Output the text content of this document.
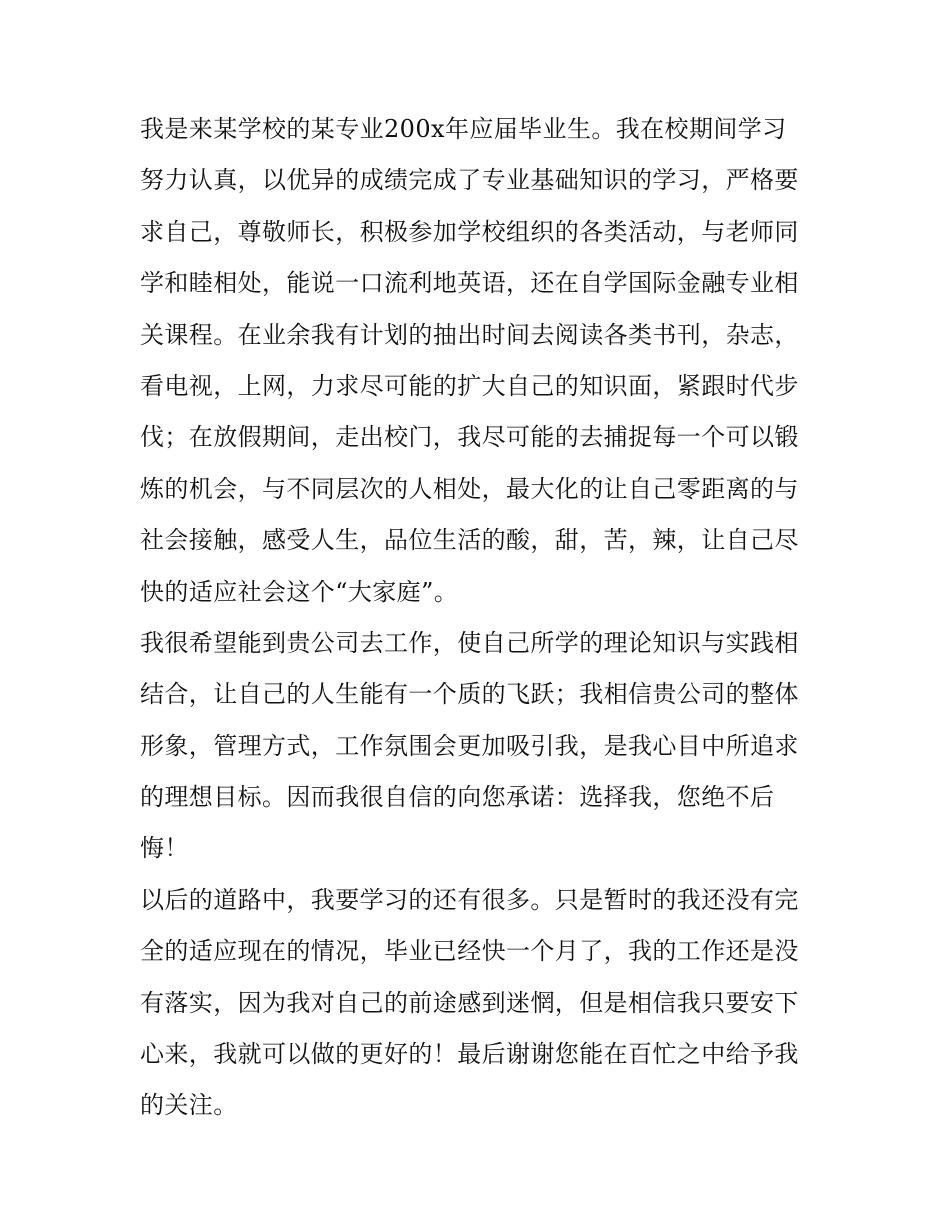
我是来某学校的某专业200x年应届毕业生。我在校期间学习
努力认真，以优异的成绩完成了专业基础知识的学习，严格要
求自己，尊敬师长，积极参加学校组织的各类活动，与老师同
学和睦相处，能说一口流利地英语，还在自学国际金融专业相
关课程。在业余我有计划的抽出时间去阅读各类书刊，杂志，
看电视，上网，力求尽可能的扩大自己的知识面，紧跟时代步
伐；在放假期间，走出校门，我尽可能的去捕捉每一个可以锻
炼的机会，与不同层次的人相处，最大化的让自己零距离的与
社会接触，感受人生，品位生活的酸，甜，苦，辣，让自己尽
快的适应社会这个“大家庭”。
我很希望能到贵公司去工作，使自己所学的理论知识与实践相
结合，让自己的人生能有一个质的飞跃；我相信贵公司的整体
形象，管理方式，工作氛围会更加吸引我，是我心目中所追求
的理想目标。因而我很自信的向您承诺：选择我，您绝不后
悔！
以后的道路中，我要学习的还有很多。只是暂时的我还没有完
全的适应现在的情况，毕业已经快一个月了，我的工作还是没
有落实，因为我对自己的前途感到迷惘，但是相信我只要安下
心来，我就可以做的更好的！最后谢谢您能在百忙之中给予我
的关注。
